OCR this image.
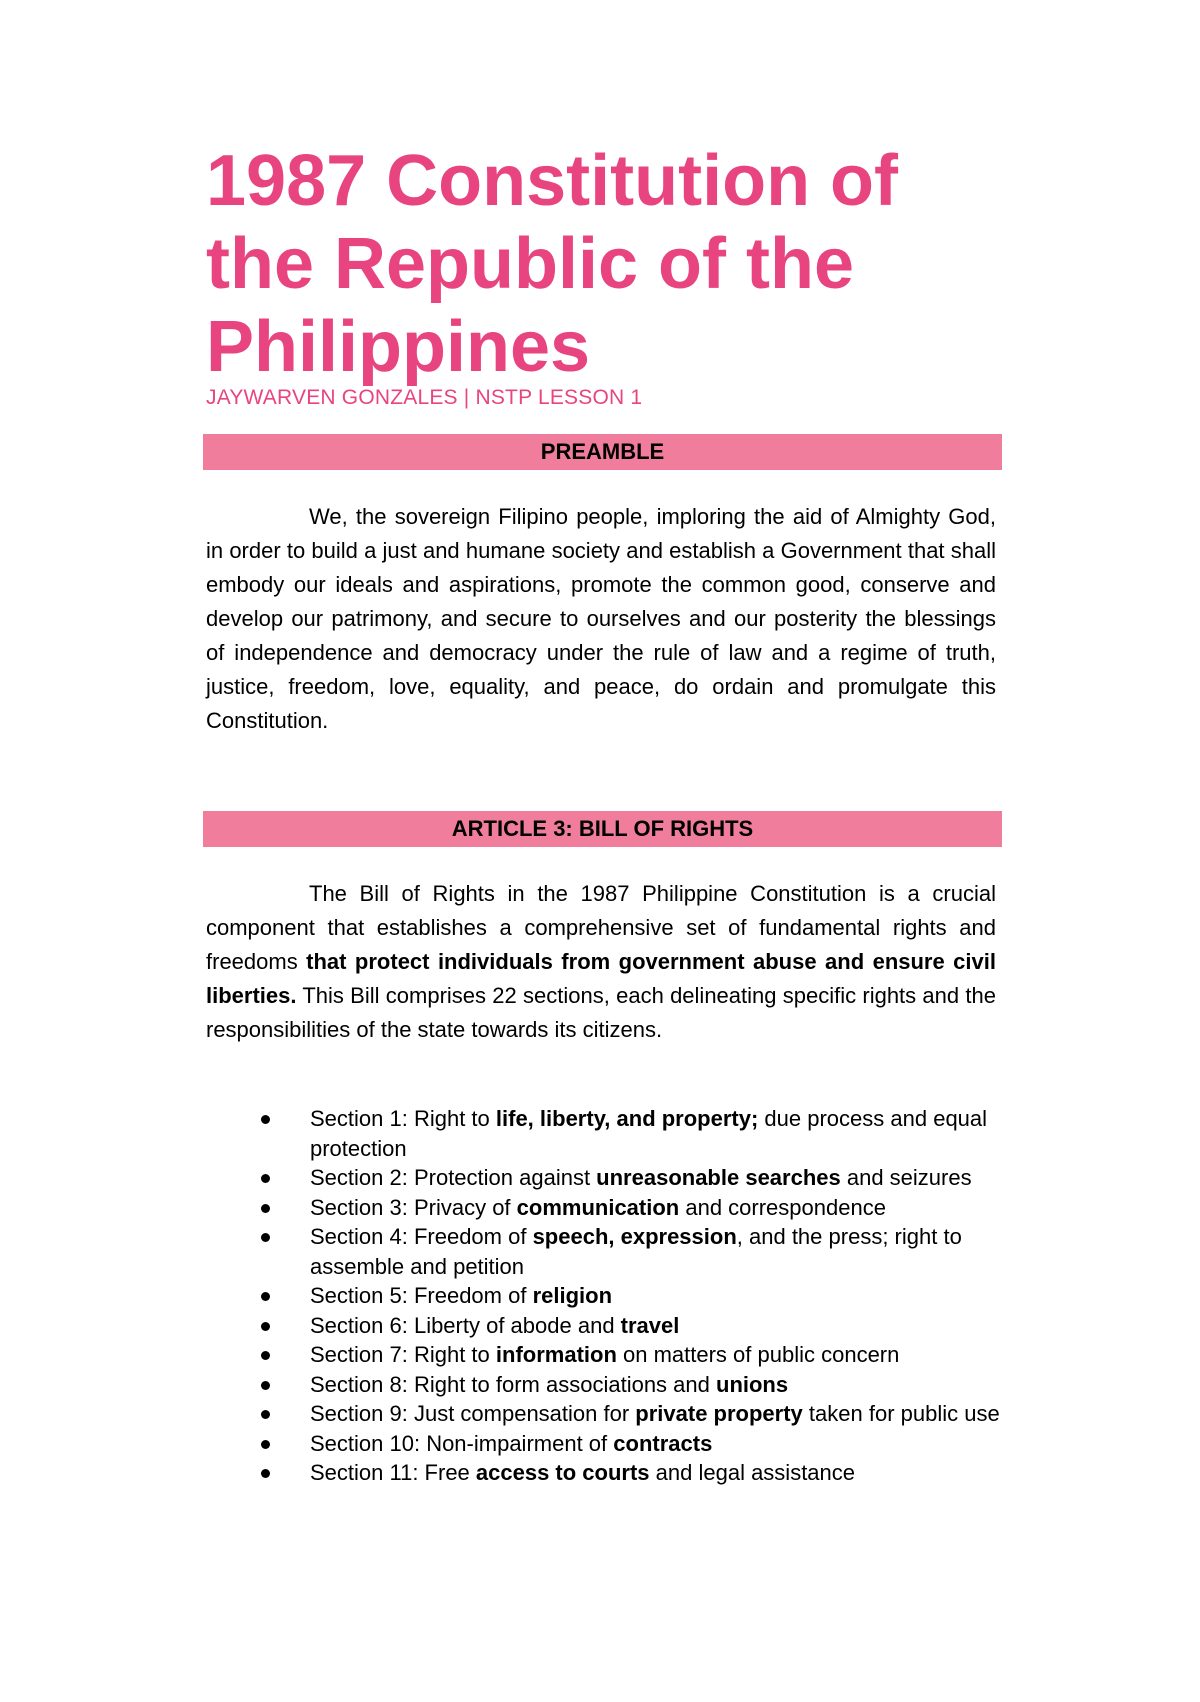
1987 Constitution of
the Republic of the
Philippines
JAYWARVEN GONZALES | NSTP LESSON 1
PREAMBLE

We, the sovereign Filipino people, imploring the aid of Almighty God, in order to build a just and humane society and establish a Government that shall embody our ideals and aspirations, promote the common good, conserve and develop our patrimony, and secure to ourselves and our posterity the blessings of independence and democracy under the rule of law and a regime of truth, justice, freedom, love, equality, and peace, do ordain and promulgate this Constitution.

ARTICLE 3: BILL OF RIGHTS

The Bill of Rights in the 1987 Philippine Constitution is a crucial component that establishes a comprehensive set of fundamental rights and freedoms that protect individuals from government abuse and ensure civil liberties. This Bill comprises 22 sections, each delineating specific rights and the responsibilities of the state towards its citizens.

Section 1: Right to life, liberty, and property; due process and equal protection
Section 2: Protection against unreasonable searches and seizures
Section 3: Privacy of communication and correspondence
Section 4: Freedom of speech, expression, and the press; right to assemble and petition
Section 5: Freedom of religion
Section 6: Liberty of abode and travel
Section 7: Right to information on matters of public concern
Section 8: Right to form associations and unions
Section 9: Just compensation for private property taken for public use
Section 10: Non-impairment of contracts
Section 11: Free access to courts and legal assistance
